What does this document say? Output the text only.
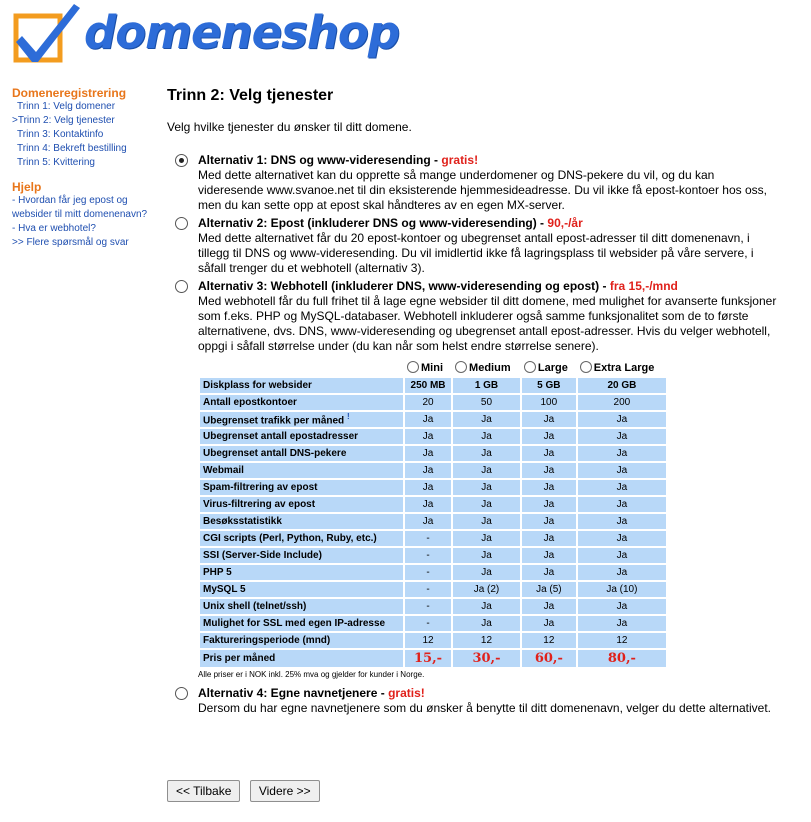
domeneshop
Domeneregistrering
Trinn 1: Velg domener
>Trinn 2: Velg tjenester
Trinn 3: Kontaktinfo
Trinn 4: Bekreft bestilling
Trinn 5: Kvittering
Hjelp
- Hvordan får jeg epost og websider til mitt domenenavn?
- Hva er webhotel?
>> Flere spørsmål og svar
Trinn 2: Velg tjenester

Velg hvilke tjenester du ønsker til ditt domene.

Alternativ 1: DNS og www-videresending - gratis!

Med dette alternativet kan du opprette så mange underdomener og DNS-pekere du vil, og du kan videresende www.svanoe.net til din eksisterende hjemmesideadresse. Du vil ikke få epost-kontoer hos oss, men du kan sette opp at epost skal håndteres av en egen MX-server.

Alternativ 2: Epost (inkluderer DNS og www-videresending) - 90,-/år

Med dette alternativet får du 20 epost-kontoer og ubegrenset antall epost-adresser til ditt domenenavn, i tillegg til DNS og www-videresending. Du vil imidlertid ikke få lagringsplass til websider på våre servere, i såfall trenger du et webhotell (alternativ 3).

Alternativ 3: Webhotell (inkluderer DNS, www-videresending og epost) - fra 15,-/mnd

Med webhotell får du full frihet til å lage egne websider til ditt domene, med mulighet for avanserte funksjoner som f.eks. PHP og MySQL-databaser. Webhotell inkluderer også samme funksjonalitet som de to første alternativene, dvs. DNS, www-videresending og ubegrenset antall epost-adresser. Hvis du velger webhotell, oppgi i såfall størrelse under (du kan når som helst endre størrelse senere).

	Mini	Medium	Large	Extra Large
Diskplass for websider	250 MB	1 GB	5 GB	20 GB
Antall epostkontoer	20	50	100	200
Ubegrenset trafikk per måned !	Ja	Ja	Ja	Ja
Ubegrenset antall epostadresser	Ja	Ja	Ja	Ja
Ubegrenset antall DNS-pekere	Ja	Ja	Ja	Ja
Webmail	Ja	Ja	Ja	Ja
Spam-filtrering av epost	Ja	Ja	Ja	Ja
Virus-filtrering av epost	Ja	Ja	Ja	Ja
Besøksstatistikk	Ja	Ja	Ja	Ja
CGI scripts (Perl, Python, Ruby, etc.)	-	Ja	Ja	Ja
SSI (Server-Side Include)	-	Ja	Ja	Ja
PHP 5	-	Ja	Ja	Ja
MySQL 5	-	Ja (2)	Ja (5)	Ja (10)
Unix shell (telnet/ssh)	-	Ja	Ja	Ja
Mulighet for SSL med egen IP-adresse	-	Ja	Ja	Ja
Faktureringsperiode (mnd)	12	12	12	12
Pris per måned	15,-	30,-	60,-	80,-

Alle priser er i NOK inkl. 25% mva og gjelder for kunder i Norge.

Alternativ 4: Egne navnetjenere - gratis!

Dersom du har egne navnetjenere som du ønsker å benytte til ditt domenenavn, velger du dette alternativet.

<< Tilbake Videre >>
